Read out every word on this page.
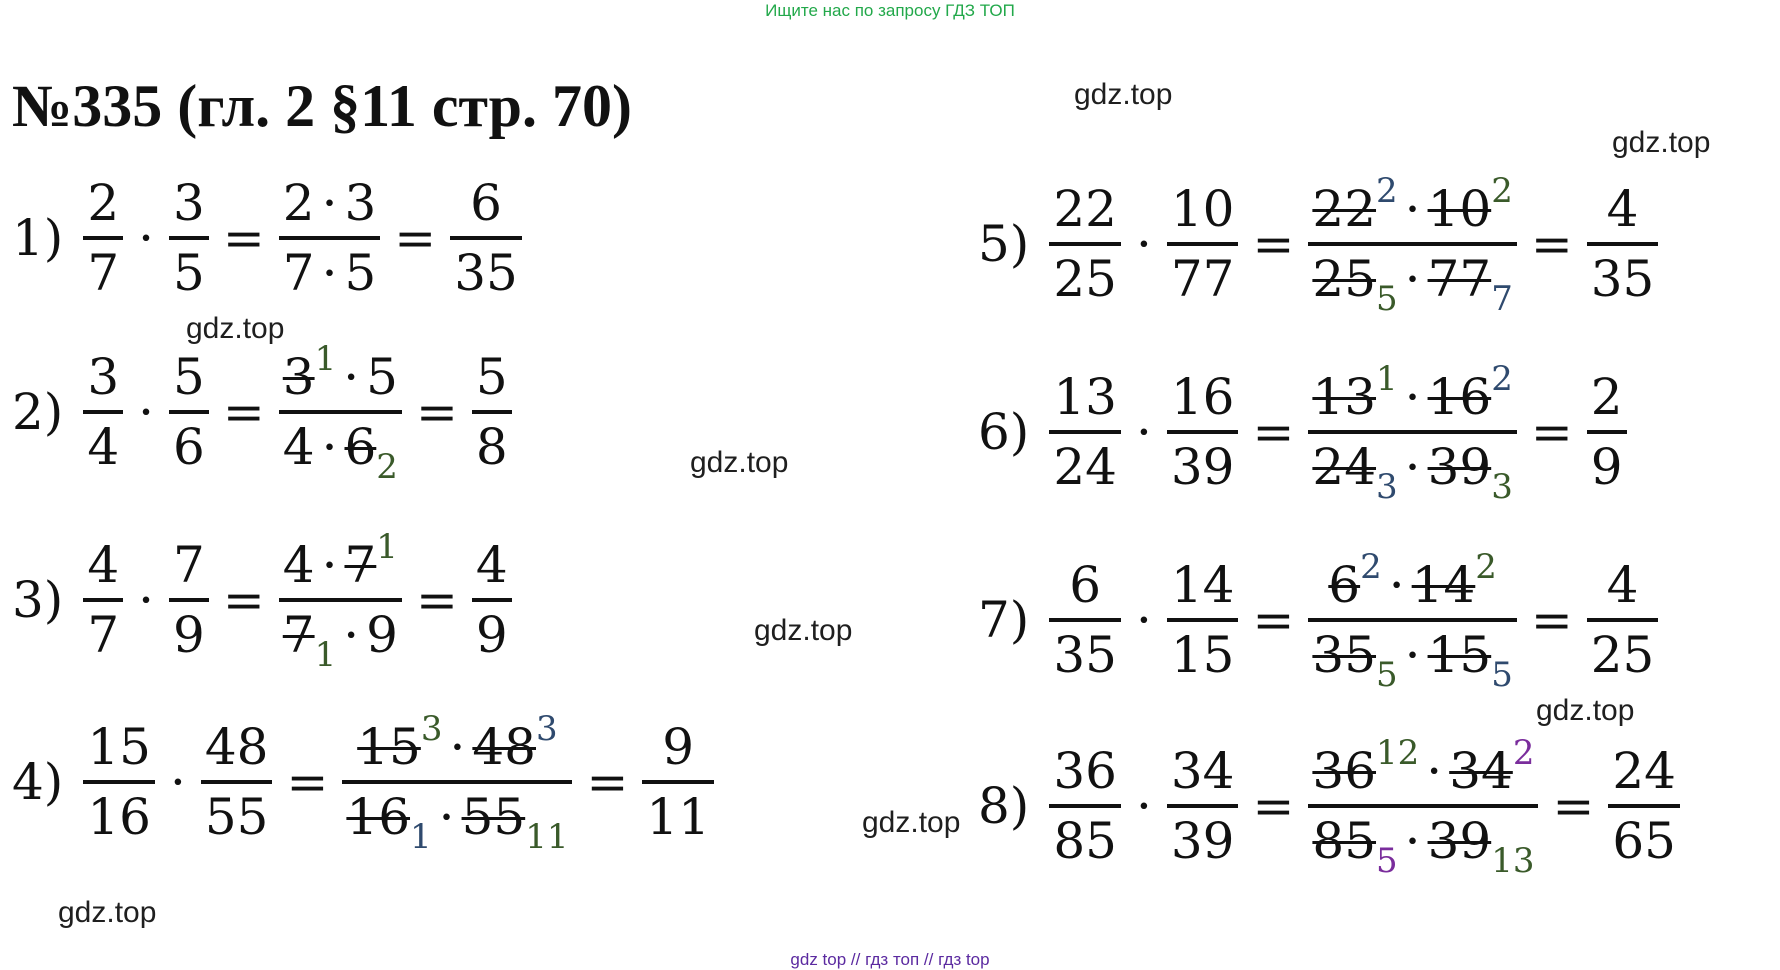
Ищите нас по запросу ГДЗ ТОП
№335 (гл. 2 §11 стр. 70)	gdz.top
gdz.top
gdz.top
gdz.top
gdz.top
gdz.top
gdz.top
gdz.top
$1) \frac{2}{7} \cdot \frac{3}{5} = \frac{2 \cdot 3}{7 \cdot 5} = \frac{6}{35}$
$2) \frac{3}{4} \cdot \frac{5}{6} = \frac{3^1 \cdot 5}{4 \cdot 6_2} = \frac{5}{8}$
$3) \frac{4}{7} \cdot \frac{7}{9} = \frac{4 \cdot 7^1}{7_1 \cdot 9} = \frac{4}{9}$
$4) \frac{15}{16} \cdot \frac{48}{55} = \frac{15^3 \cdot 48^3}{16_1 \cdot 55_{11}} = \frac{9}{11}$
$5) \frac{22}{25} \cdot \frac{10}{77} = \frac{22^2 \cdot 10^2}{25_5 \cdot 77_7} = \frac{4}{35}$
$6) \frac{13}{24} \cdot \frac{16}{39} = \frac{13^1 \cdot 16^2}{24_3 \cdot 39_3} = \frac{2}{9}$
$7) \frac{6}{35} \cdot \frac{14}{15} = \frac{6^2 \cdot 14^2}{35_5 \cdot 15_5} = \frac{4}{25}$
$8) \frac{36}{85} \cdot \frac{34}{39} = \frac{36^{12} \cdot 34^2}{85_5 \cdot 39_{13}} = \frac{24}{65}$
gdz top // гдз топ // гдз top
